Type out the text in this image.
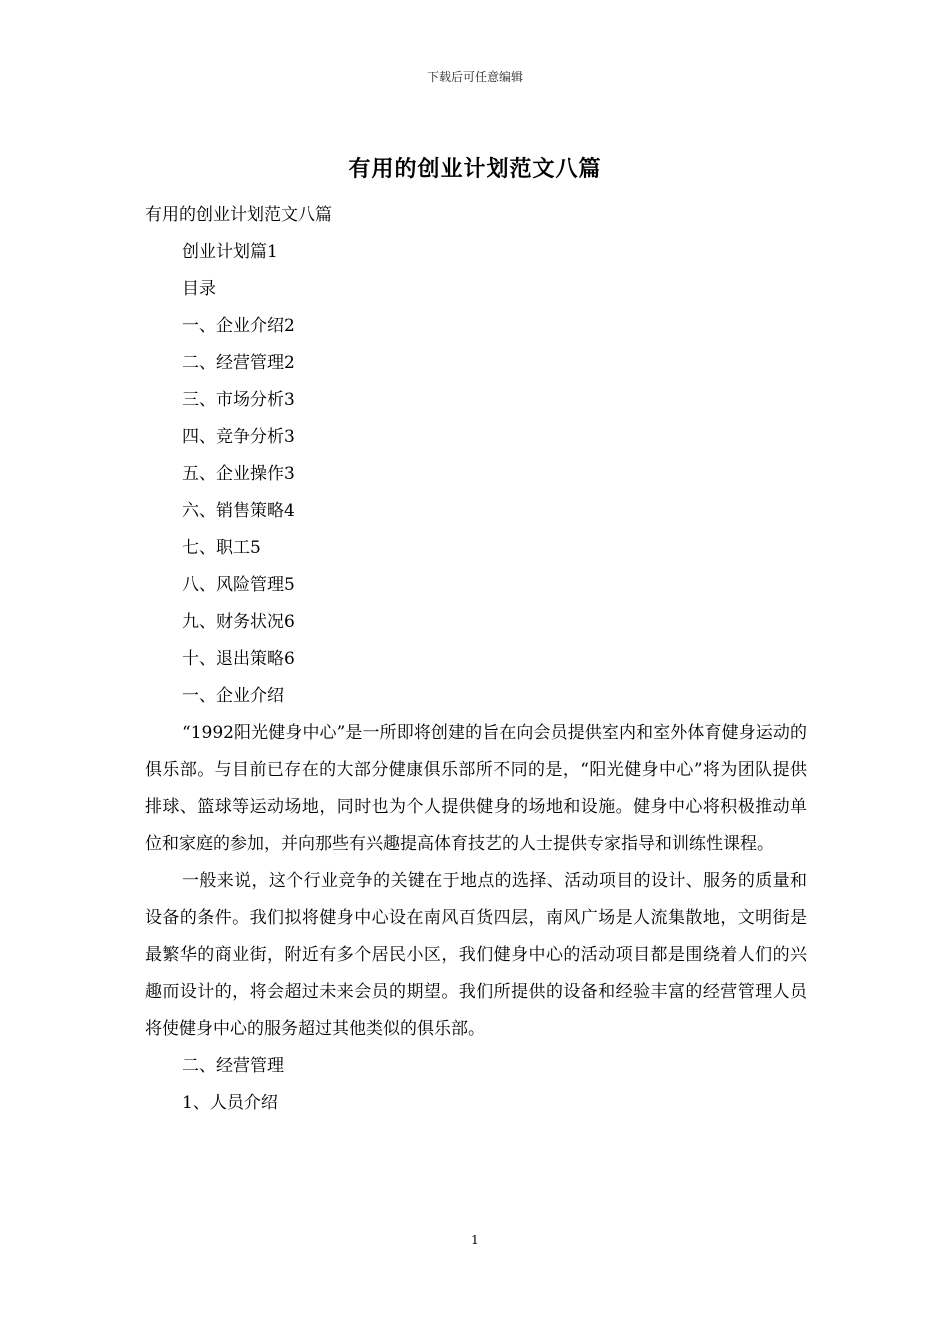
下载后可任意编辑
有用的创业计划范文八篇
有用的创业计划范文八篇
创业计划篇1
目录
一、企业介绍2
二、经营管理2
三、市场分析3
四、竞争分析3
五、企业操作3
六、销售策略4
七、职工5
八、风险管理5
九、财务状况6
十、退出策略6
一、企业介绍
“1992阳光健身中心”是一所即将创建的旨在向会员提供室内和室外体育健身运动的俱乐部。与目前已存在的大部分健康俱乐部所不同的是，“阳光健身中心”将为团队提供排球、篮球等运动场地，同时也为个人提供健身的场地和设施。健身中心将积极推动单位和家庭的参加，并向那些有兴趣提高体育技艺的人士提供专家指导和训练性课程。
一般来说，这个行业竞争的关键在于地点的选择、活动项目的设计、服务的质量和设备的条件。我们拟将健身中心设在南风百货四层，南风广场是人流集散地，文明街是最繁华的商业街，附近有多个居民小区，我们健身中心的活动项目都是围绕着人们的兴趣而设计的，将会超过未来会员的期望。我们所提供的设备和经验丰富的经营管理人员将使健身中心的服务超过其他类似的俱乐部。
二、经营管理
1、人员介绍
1
